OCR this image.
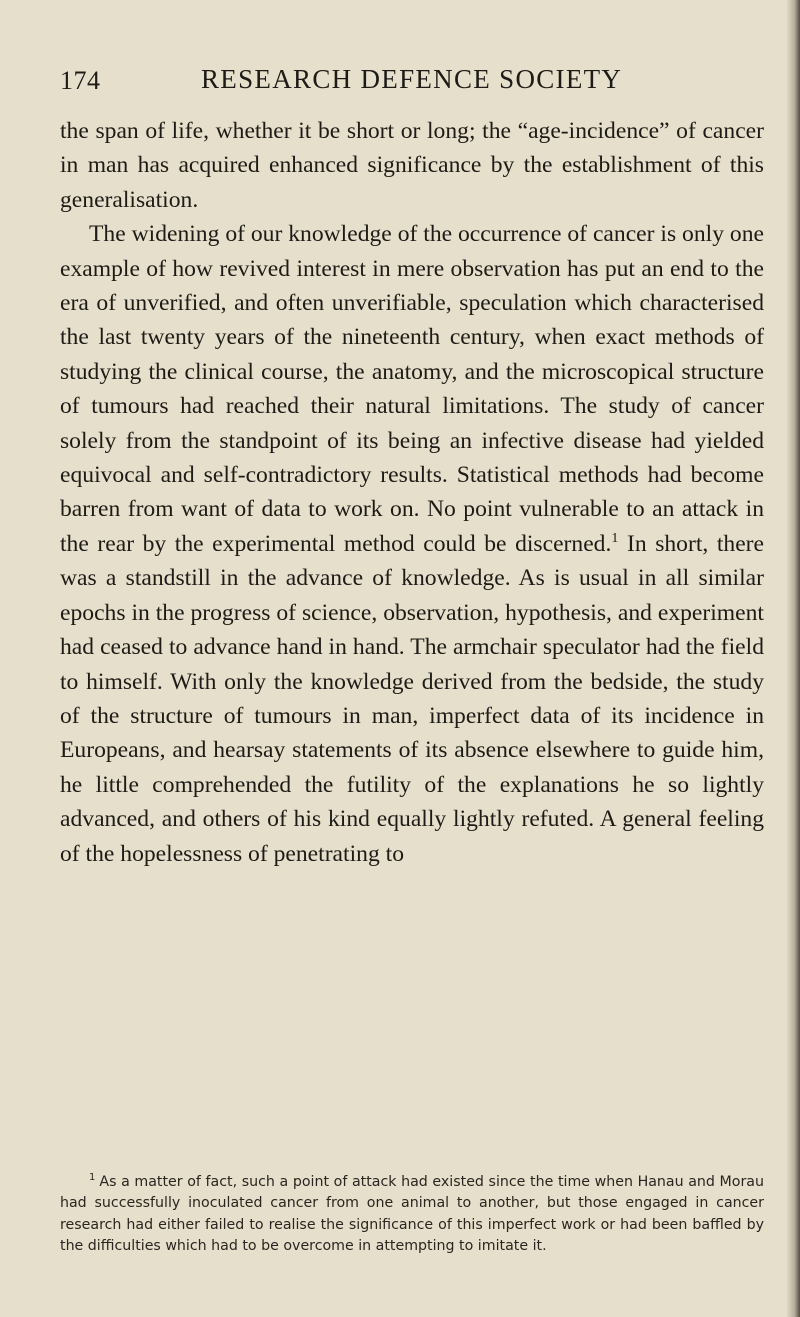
174	RESEARCH DEFENCE SOCIETY

the span of life, whether it be short or long; the “age-incidence” of cancer in man has acquired enhanced significance by the establishment of this generalisation.

The widening of our knowledge of the occurrence of cancer is only one example of how revived interest in mere observation has put an end to the era of unverified, and often unverifiable, speculation which characterised the last twenty years of the nineteenth century, when exact methods of studying the clinical course, the anatomy, and the microscopical structure of tumours had reached their natural limitations. The study of cancer solely from the standpoint of its being an infective disease had yielded equivocal and self-contradictory results. Statistical methods had become barren from want of data to work on. No point vulnerable to an attack in the rear by the experimental method could be discerned.$^1$ In short, there was a standstill in the advance of knowledge. As is usual in all similar epochs in the progress of science, observation, hypothesis, and experiment had ceased to advance hand in hand. The armchair speculator had the field to himself. With only the knowledge derived from the bedside, the study of the structure of tumours in man, imperfect data of its incidence in Europeans, and hearsay statements of its absence elsewhere to guide him, he little comprehended the futility of the explanations he so lightly advanced, and others of his kind equally lightly refuted. A general feeling of the hopelessness of penetrating to

$^1$ As a matter of fact, such a point of attack had existed since the time when Hanau and Morau had successfully inoculated cancer from one animal to another, but those engaged in cancer research had either failed to realise the significance of this imperfect work or had been baffled by the difficulties which had to be overcome in attempting to imitate it.
